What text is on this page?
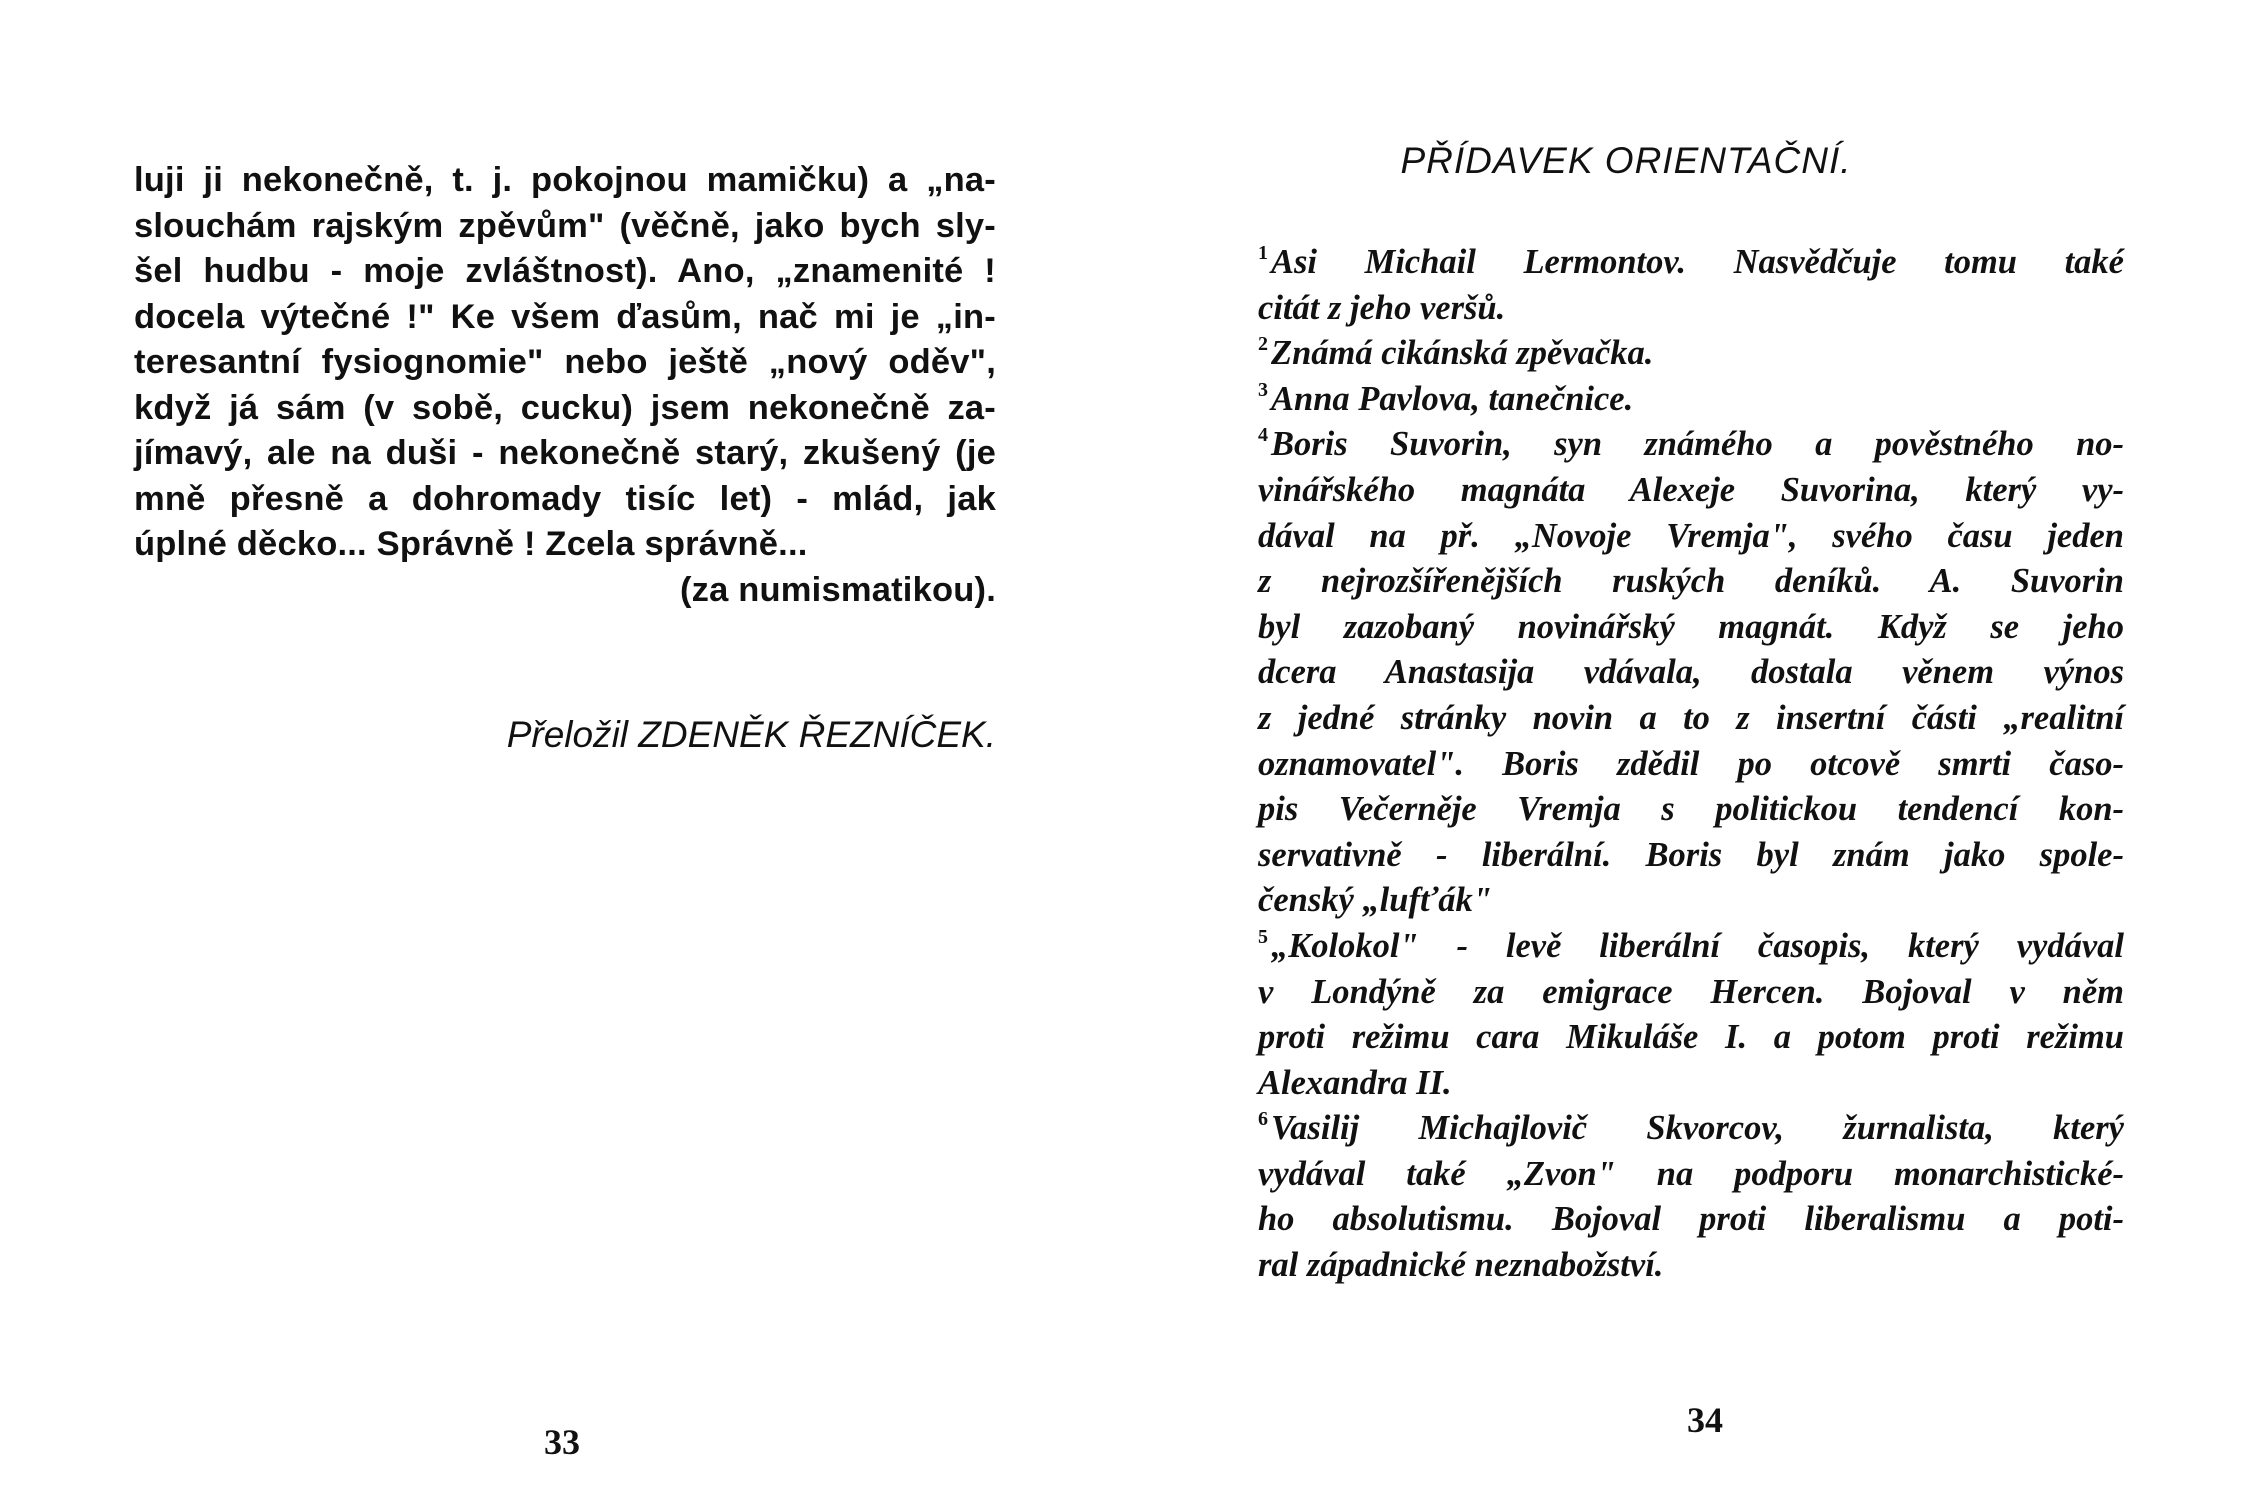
luji ji nekonečně, t. j. pokojnou mamičku) a „na-
slouchám rajským zpěvům" (věčně, jako bych sly-
šel hudbu - moje zvláštnost). Ano, „znamenité !
docela výtečné !" Ke všem ďasům, nač mi je „in-
teresantní fysiognomie" nebo ještě „nový oděv",
když já sám (v sobě, cucku) jsem nekonečně za-
jímavý, ale na duši - nekonečně starý, zkušený (je
mně přesně a dohromady tisíc let) - mlád, jak
úplné děcko... Správně ! Zcela správně...
(za numismatikou).
Přeložil ZDENĚK ŘEZNÍČEK.
33
PŘÍDAVEK ORIENTAČNÍ.
$^1$Asi Michail Lermontov. Nasvědčuje tomu také
citát z jeho veršů.
$^2$Známá cikánská zpěvačka.
$^3$Anna Pavlova, tanečnice.
$^4$Boris Suvorin, syn známého a pověstného no-
vinářského magnáta Alexeje Suvorina, který vy-
dával na př. „Novoje Vremja", svého času jeden
z nejrozšířenějších ruských deníků. A. Suvorin
byl zazobaný novinářský magnát. Když se jeho
dcera Anastasija vdávala, dostala věnem výnos
z jedné stránky novin a to z insertní části „realitní
oznamovatel". Boris zdědil po otcově smrti časo-
pis Večerněje Vremja s politickou tendencí kon-
servativně - liberální. Boris byl znám jako spole-
čenský „lufťák"
$^5$„Kolokol" - levě liberální časopis, který vydával
v Londýně za emigrace Hercen. Bojoval v něm
proti režimu cara Mikuláše I. a potom proti režimu
Alexandra II.
$^6$Vasilij Michajlovič Skvorcov, žurnalista, který
vydával také „Zvon" na podporu monarchistické-
ho absolutismu. Bojoval proti liberalismu a poti-
ral západnické neznabožství.
34
